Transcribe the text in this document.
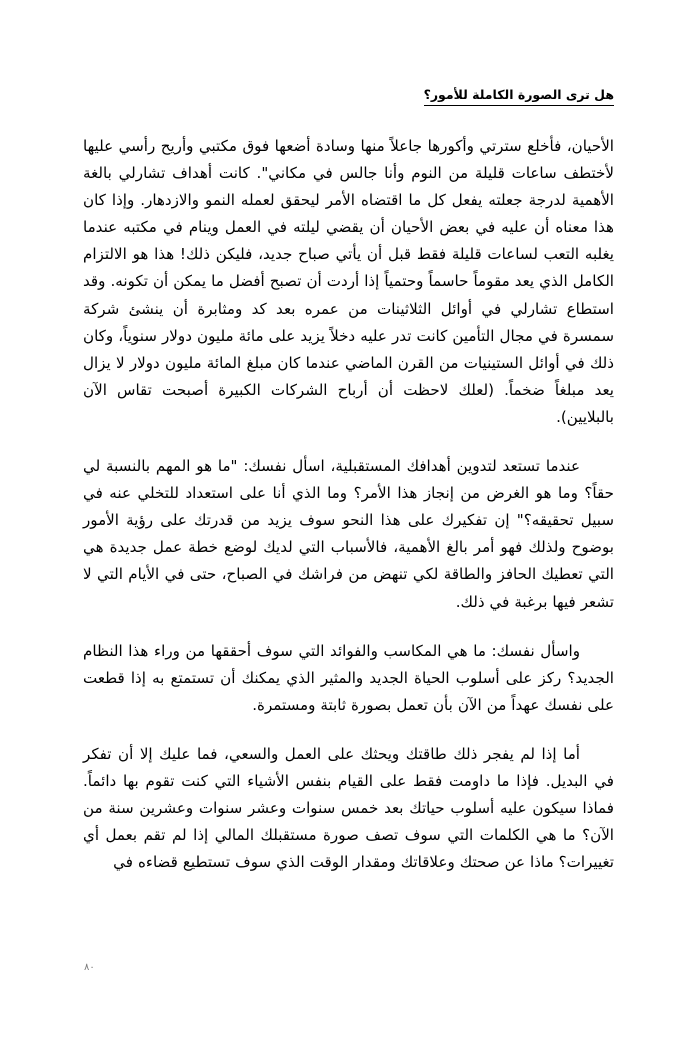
هل ترى الصورة الكاملة للأمور؟

الأحيان، فأخلع سترتي وأكورها جاعلاً منها وسادة أضعها فوق مكتبي وأريح رأسي عليها لأختطف ساعات قليلة من النوم وأنا جالس في مكاني". كانت أهداف تشارلي بالغة الأهمية لدرجة جعلته يفعل كل ما اقتضاه الأمر ليحقق لعمله النمو والازدهار. وإذا كان هذا معناه أن عليه في بعض الأحيان أن يقضي ليلته في العمل وينام في مكتبه عندما يغلبه التعب لساعات قليلة فقط قبل أن يأتي صباح جديد، فليكن ذلك! هذا هو الالتزام الكامل الذي يعد مقوماً حاسماً وحتمياً إذا أردت أن تصبح أفضل ما يمكن أن تكونه. وقد استطاع تشارلي في أوائل الثلاثينات من عمره بعد كد ومثابرة أن ينشئ شركة سمسرة في مجال التأمين كانت تدر عليه دخلاً يزيد على مائة مليون دولار سنوياً، وكان ذلك في أوائل الستينيات من القرن الماضي عندما كان مبلغ المائة مليون دولار لا يزال يعد مبلغاً ضخماً. (لعلك لاحظت أن أرباح الشركات الكبيرة أصبحت تقاس الآن بالبلايين).

عندما تستعد لتدوين أهدافك المستقبلية، اسأل نفسك: "ما هو المهم بالنسبة لي حقاً؟ وما هو الغرض من إنجاز هذا الأمر؟ وما الذي أنا على استعداد للتخلي عنه في سبيل تحقيقه؟" إن تفكيرك على هذا النحو سوف يزيد من قدرتك على رؤية الأمور بوضوح ولذلك فهو أمر بالغ الأهمية، فالأسباب التي لديك لوضع خطة عمل جديدة هي التي تعطيك الحافز والطاقة لكي تنهض من فراشك في الصباح، حتى في الأيام التي لا تشعر فيها برغبة في ذلك.

واسأل نفسك: ما هي المكاسب والفوائد التي سوف أحققها من وراء هذا النظام الجديد؟ ركز على أسلوب الحياة الجديد والمثير الذي يمكنك أن تستمتع به إذا قطعت على نفسك عهداً من الآن بأن تعمل بصورة ثابتة ومستمرة.

أما إذا لم يفجر ذلك طاقتك ويحثك على العمل والسعي، فما عليك إلا أن تفكر في البديل. فإذا ما داومت فقط على القيام بنفس الأشياء التي كنت تقوم بها دائماً. فماذا سيكون عليه أسلوب حياتك بعد خمس سنوات وعشر سنوات وعشرين سنة من الآن؟ ما هي الكلمات التي سوف تصف صورة مستقبلك المالي إذا لم تقم بعمل أي تغييرات؟ ماذا عن صحتك وعلاقاتك ومقدار الوقت الذي سوف تستطيع قضاءه في

٨٠
